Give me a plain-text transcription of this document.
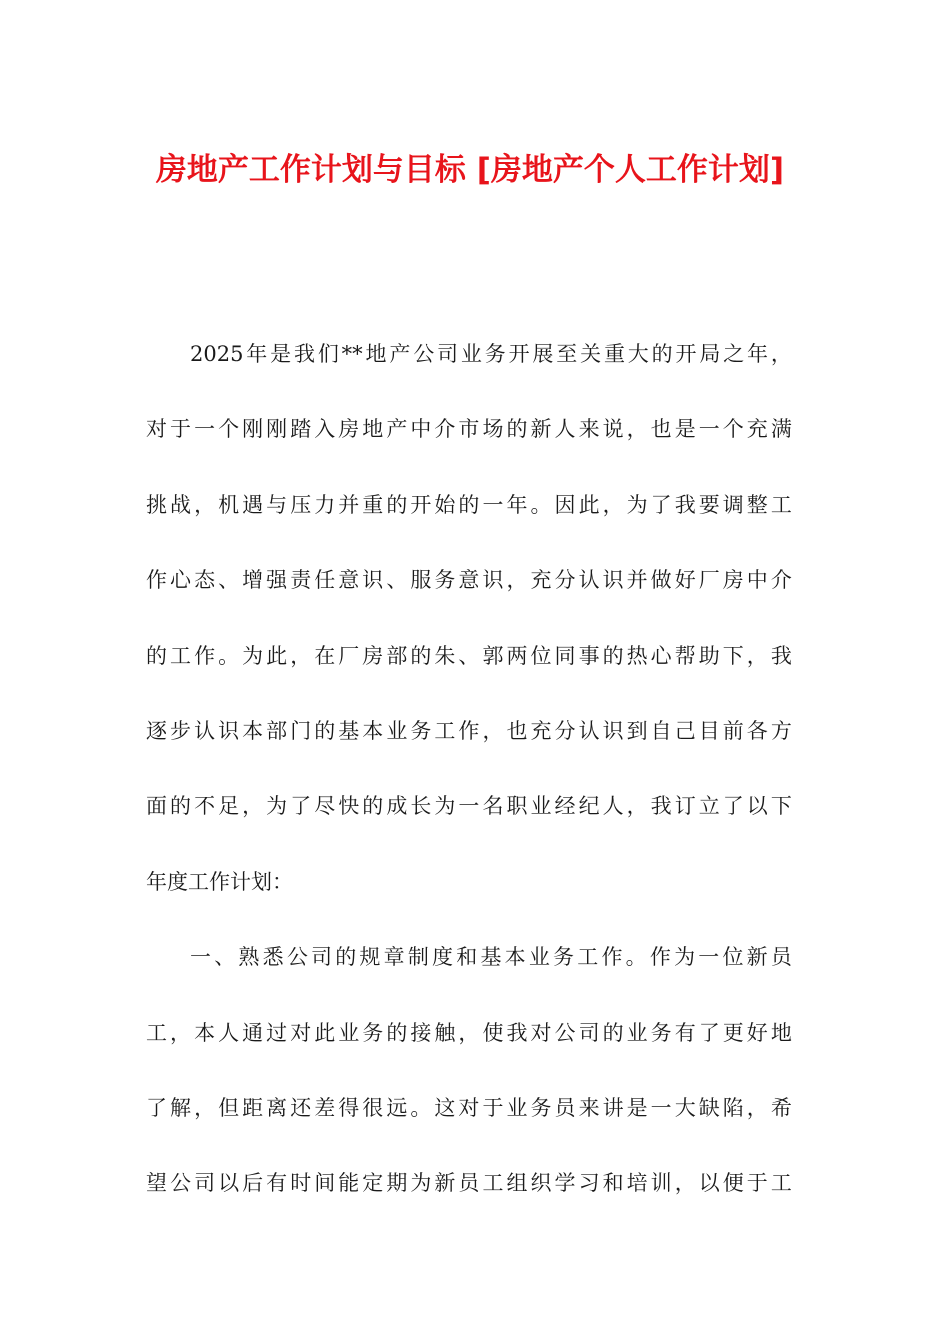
房地产工作计划与目标 [房地产个人工作计划]
2025 年 是 我 们 ** 地 产 公 司 业 务 开 展 至 关 重 大 的 开 局 之 年 ，
对 于 一 个 刚 刚 踏 入 房 地 产 中 介 市 场 的 新 人 来 说 ， 也 是 一 个 充 满
挑 战 ， 机 遇 与 压 力 并 重 的 开 始 的 一 年 。 因 此 ， 为 了 我 要 调 整 工
作 心 态 、 增 强 责 任 意 识 、 服 务 意 识 ， 充 分 认 识 并 做 好 厂 房 中 介
的 工 作 。 为 此 ， 在 厂 房 部 的 朱 、 郭 两 位 同 事 的 热 心 帮 助 下 ， 我
逐 步 认 识 本 部 门 的 基 本 业 务 工 作 ， 也 充 分 认 识 到 自 己 目 前 各 方
面 的 不 足 ， 为 了 尽 快 的 成 长 为 一 名 职 业 经 纪 人 ， 我 订 立 了 以 下
年度工作计划：
一 、 熟 悉 公 司 的 规 章 制 度 和 基 本 业 务 工 作 。 作 为 一 位 新 员
工 ， 本 人 通 过 对 此 业 务 的 接 触 ， 使 我 对 公 司 的 业 务 有 了 更 好 地
了 解 ， 但 距 离 还 差 得 很 远 。 这 对 于 业 务 员 来 讲 是 一 大 缺 陷 ， 希
望 公 司 以 后 有 时 间 能 定 期 为 新 员 工 组 织 学 习 和 培 训 ， 以 便 于 工
